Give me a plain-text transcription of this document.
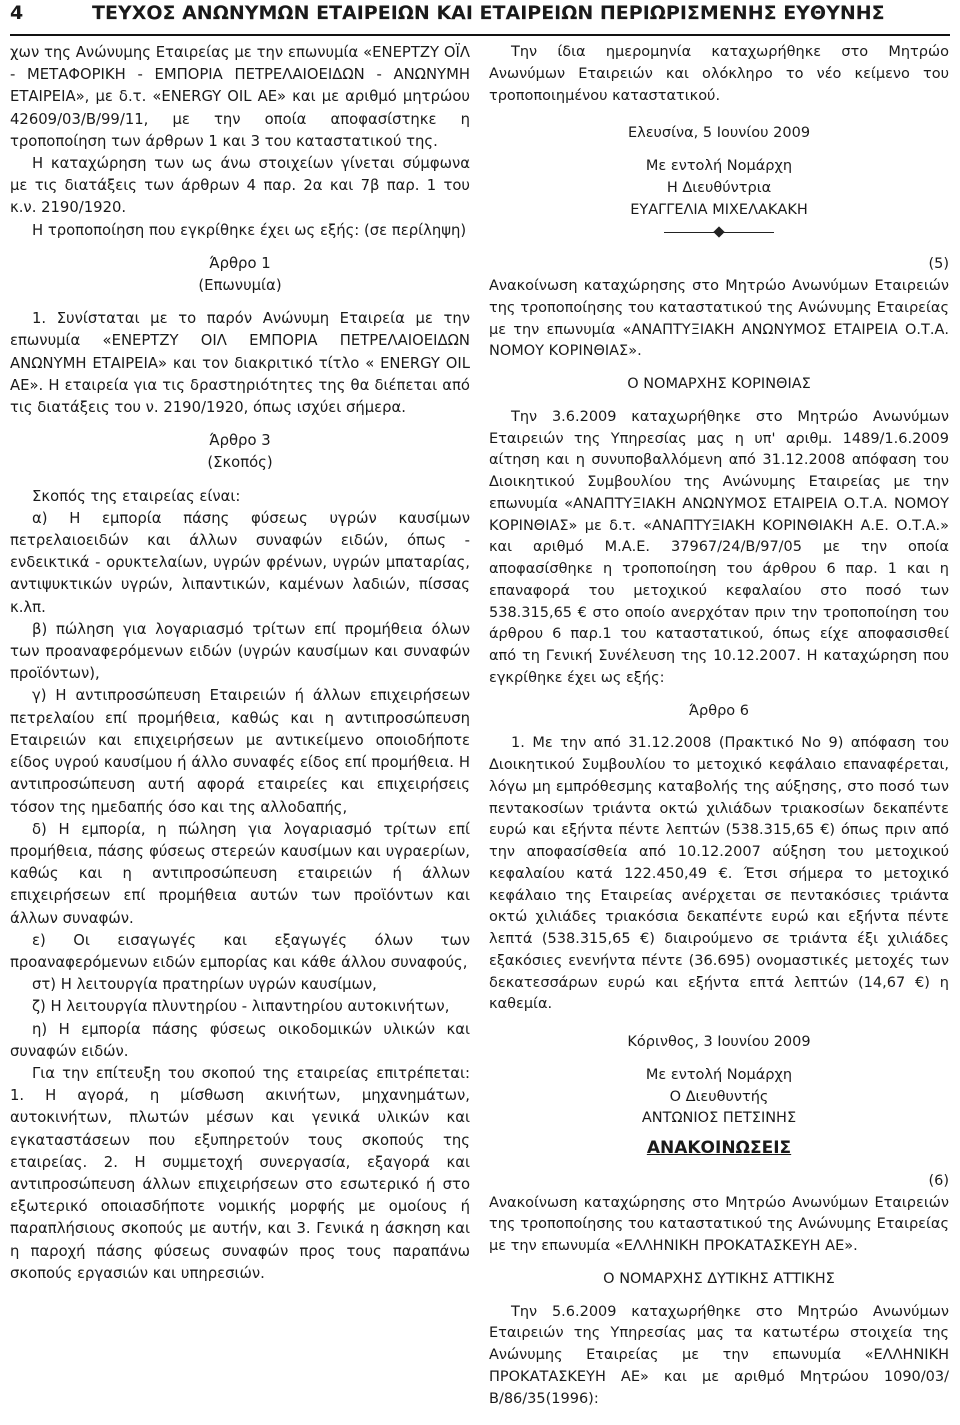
4	ΤΕΥΧΟΣ ΑΝΩΝΥΜΩΝ ΕΤΑΙΡΕΙΩΝ ΚΑΙ ΕΤΑΙΡΕΙΩΝ ΠΕΡΙΩΡΙΣΜΕΝΗΣ ΕΥΘΥΝΗΣ

χων της Ανώνυμης Εταιρείας με την επωνυμία «ΕΝΕΡΤΖΥ ΟΪΛ - ΜΕΤΑΦΟΡΙΚΗ - ΕΜΠΟΡΙΑ ΠΕΤΡΕΛΑΙΟΕΙΔΩΝ - ΑΝΩΝΥΜΗ ΕΤΑΙΡΕΙΑ», με δ.τ. «ENERGY OIL AE» και με αριθμό μητρώου 42609/03/Β/99/11, με την οποία αποφασίστηκε η τροποποίηση των άρθρων 1 και 3 του καταστατικού της.

Η καταχώρηση των ως άνω στοιχείων γίνεται σύμφωνα με τις διατάξεις των άρθρων 4 παρ. 2α και 7β παρ. 1 του κ.ν. 2190/1920.

Η τροποποίηση που εγκρίθηκε έχει ως εξής: (σε περίληψη)

Άρθρο 1

(Επωνυμία)

1. Συνίσταται με το παρόν Ανώνυμη Εταιρεία με την επωνυμία «ΕΝΕΡΤΖΥ ΟΙΛ ΕΜΠΟΡΙΑ ΠΕΤΡΕΛΑΙΟΕΙΔΩΝ ΑΝΩΝΥΜΗ ΕΤΑΙΡΕΙΑ» και τον διακριτικό τίτλο « ENERGY OIL AE». Η εταιρεία για τις δραστηριότητες της θα διέπεται από τις διατάξεις του ν. 2190/1920, όπως ισχύει σήμερα.

Άρθρο 3

(Σκοπός)

Σκοπός της εταιρείας είναι:

α) Η εμπορία πάσης φύσεως υγρών καυσίμων πετρελαιοειδών και άλλων συναφών ειδών, όπως - ενδεικτικά - ορυκτελαίων, υγρών φρένων, υγρών μπαταρίας, αντιψυκτικών υγρών, λιπαντικών, καμένων λαδιών, πίσσας κ.λπ.

β) πώληση για λογαριασμό τρίτων επί προμήθεια όλων των προαναφερόμενων ειδών (υγρών καυσίμων και συναφών προϊόντων),

γ) Η αντιπροσώπευση Εταιρειών ή άλλων επιχειρήσεων πετρελαίου επί προμήθεια, καθώς και η αντιπροσώπευση Εταιρειών και επιχειρήσεων με αντικείμενο οποιοδήποτε είδος υγρού καυσίμου ή άλλο συναφές είδος επί προμήθεια. Η αντιπροσώπευση αυτή αφορά εταιρείες και επιχειρήσεις τόσον της ημεδαπής όσο και της αλλοδαπής,

δ) Η εμπορία, η πώληση για λογαριασμό τρίτων επί προμήθεια, πάσης φύσεως στερεών καυσίμων και υγραερίων, καθώς και η αντιπροσώπευση εταιρειών ή άλλων επιχειρήσεων επί προμήθεια αυτών των προϊόντων και άλλων συναφών.

ε) Οι εισαγωγές και εξαγωγές όλων των προαναφερόμενων ειδών εμπορίας και κάθε άλλου συναφούς,

στ) Η λειτουργία πρατηρίων υγρών καυσίμων,

ζ) Η λειτουργία πλυντηρίου - λιπαντηρίου αυτοκινήτων,

η) Η εμπορία πάσης φύσεως οικοδομικών υλικών και συναφών ειδών.

Για την επίτευξη του σκοπού της εταιρείας επιτρέπεται: 1. Η αγορά, η μίσθωση ακινήτων, μηχανημάτων, αυτοκινήτων, πλωτών μέσων και γενικά υλικών και εγκαταστάσεων που εξυπηρετούν τους σκοπούς της εταιρείας. 2. Η συμμετοχή συνεργασία, εξαγορά και αντιπροσώπευση άλλων επιχειρήσεων στο εσωτερικό ή στο εξωτερικό οποιασδήποτε νομικής μορφής με ομοίους ή παραπλήσιους σκοπούς με αυτήν, και 3. Γενικά η άσκηση και η παροχή πάσης φύσεως συναφών προς τους παραπάνω σκοπούς εργασιών και υπηρεσιών.

Την ίδια ημερομηνία καταχωρήθηκε στο Μητρώο Ανωνύμων Εταιρειών και ολόκληρο το νέο κείμενο του τροποποιημένου καταστατικού.

Ελευσίνα, 5 Ιουνίου 2009

Με εντολή Νομάρχη

Η Διευθύντρια

ΕΥΑΓΓΕΛΙΑ ΜΙΧΕΛΑΚΑΚΗ

(5)

Ανακοίνωση καταχώρησης στο Μητρώο Ανωνύμων Εταιρειών της τροποποίησης του καταστατικού της Ανώνυμης Εταιρείας με την επωνυμία «ΑΝΑΠΤΥΞΙΑΚΗ ΑΝΩΝΥΜΟΣ ΕΤΑΙΡΕΙΑ Ο.Τ.Α. ΝΟΜΟΥ ΚΟΡΙΝΘΙΑΣ».

Ο ΝΟΜΑΡΧΗΣ ΚΟΡΙΝΘΙΑΣ

Την 3.6.2009 καταχωρήθηκε στο Μητρώο Ανωνύμων Εταιρειών της Υπηρεσίας μας η υπ' αριθμ. 1489/1.6.2009 αίτηση και η συνυποβαλλόμενη από 31.12.2008 απόφαση του Διοικητικού Συμβουλίου της Ανώνυμης Εταιρείας με την επωνυμία «ΑΝΑΠΤΥΞΙΑΚΗ ΑΝΩΝΥΜΟΣ ΕΤΑΙΡΕΙΑ Ο.Τ.Α. ΝΟΜΟΥ ΚΟΡΙΝΘΙΑΣ» με δ.τ. «ΑΝΑΠΤΥΞΙΑΚΗ ΚΟΡΙΝΘΙΑΚΗ Α.Ε. Ο.Τ.Α.» και αριθμό Μ.Α.Ε. 37967/24/Β/97/05 με την οποία αποφασίσθηκε η τροποποίηση του άρθρου 6 παρ. 1 και η επαναφορά του μετοχικού κεφαλαίου στο ποσό των 538.315,65 € στο οποίο ανερχόταν πριν την τροποποίηση του άρθρου 6 παρ.1 του καταστατικού, όπως είχε αποφασισθεί από τη Γενική Συνέλευση της 10.12.2007. Η καταχώρηση που εγκρίθηκε έχει ως εξής:

Άρθρο 6

1. Με την από 31.12.2008 (Πρακτικό Νο 9) απόφαση του Διοικητικού Συμβουλίου το μετοχικό κεφάλαιο επαναφέρεται, λόγω μη εμπρόθεσμης καταβολής της αύξησης, στο ποσό των πεντακοσίων τριάντα οκτώ χιλιάδων τριακοσίων δεκαπέντε ευρώ και εξήντα πέντε λεπτών (538.315,65 €) όπως πριν από την αποφασίσθεία από 10.12.2007 αύξηση του μετοχικού κεφαλαίου κατά 122.450,49 €. Έτσι σήμερα το μετοχικό κεφάλαιο της Εταιρείας ανέρχεται σε πεντακόσιες τριάντα οκτώ χιλιάδες τριακόσια δεκαπέντε ευρώ και εξήντα πέντε λεπτά (538.315,65 €) διαιρούμενο σε τριάντα έξι χιλιάδες εξακόσιες ενενήντα πέντε (36.695) ονομαστικές μετοχές των δεκατεσσάρων ευρώ και εξήντα επτά λεπτών (14,67 €) η καθεμία.

Κόρινθος, 3 Ιουνίου 2009

Με εντολή Νομάρχη

Ο Διευθυντής

ΑΝΤΩΝΙΟΣ ΠΕΤΣΙΝΗΣ

ΑΝΑΚΟΙΝΩΣΕΙΣ

(6)

Ανακοίνωση καταχώρησης στο Μητρώο Ανωνύμων Εταιρειών της τροποποίησης του καταστατικού της Ανώνυμης Εταιρείας με την επωνυμία «ΕΛΛΗΝΙΚΗ ΠΡΟΚΑΤΑΣΚΕΥΗ ΑΕ».

Ο ΝΟΜΑΡΧΗΣ ΔΥΤΙΚΗΣ ΑΤΤΙΚΗΣ

Την 5.6.2009 καταχωρήθηκε στο Μητρώο Ανωνύμων Εταιρειών της Υπηρεσίας μας τα κατωτέρω στοιχεία της Ανώνυμης Εταιρείας με την επωνυμία «ΕΛΛΗΝΙΚΗ ΠΡΟΚΑΤΑΣΚΕΥΗ ΑΕ» και με αριθμό Μητρώου 1090/03/Β/86/35(1996):
